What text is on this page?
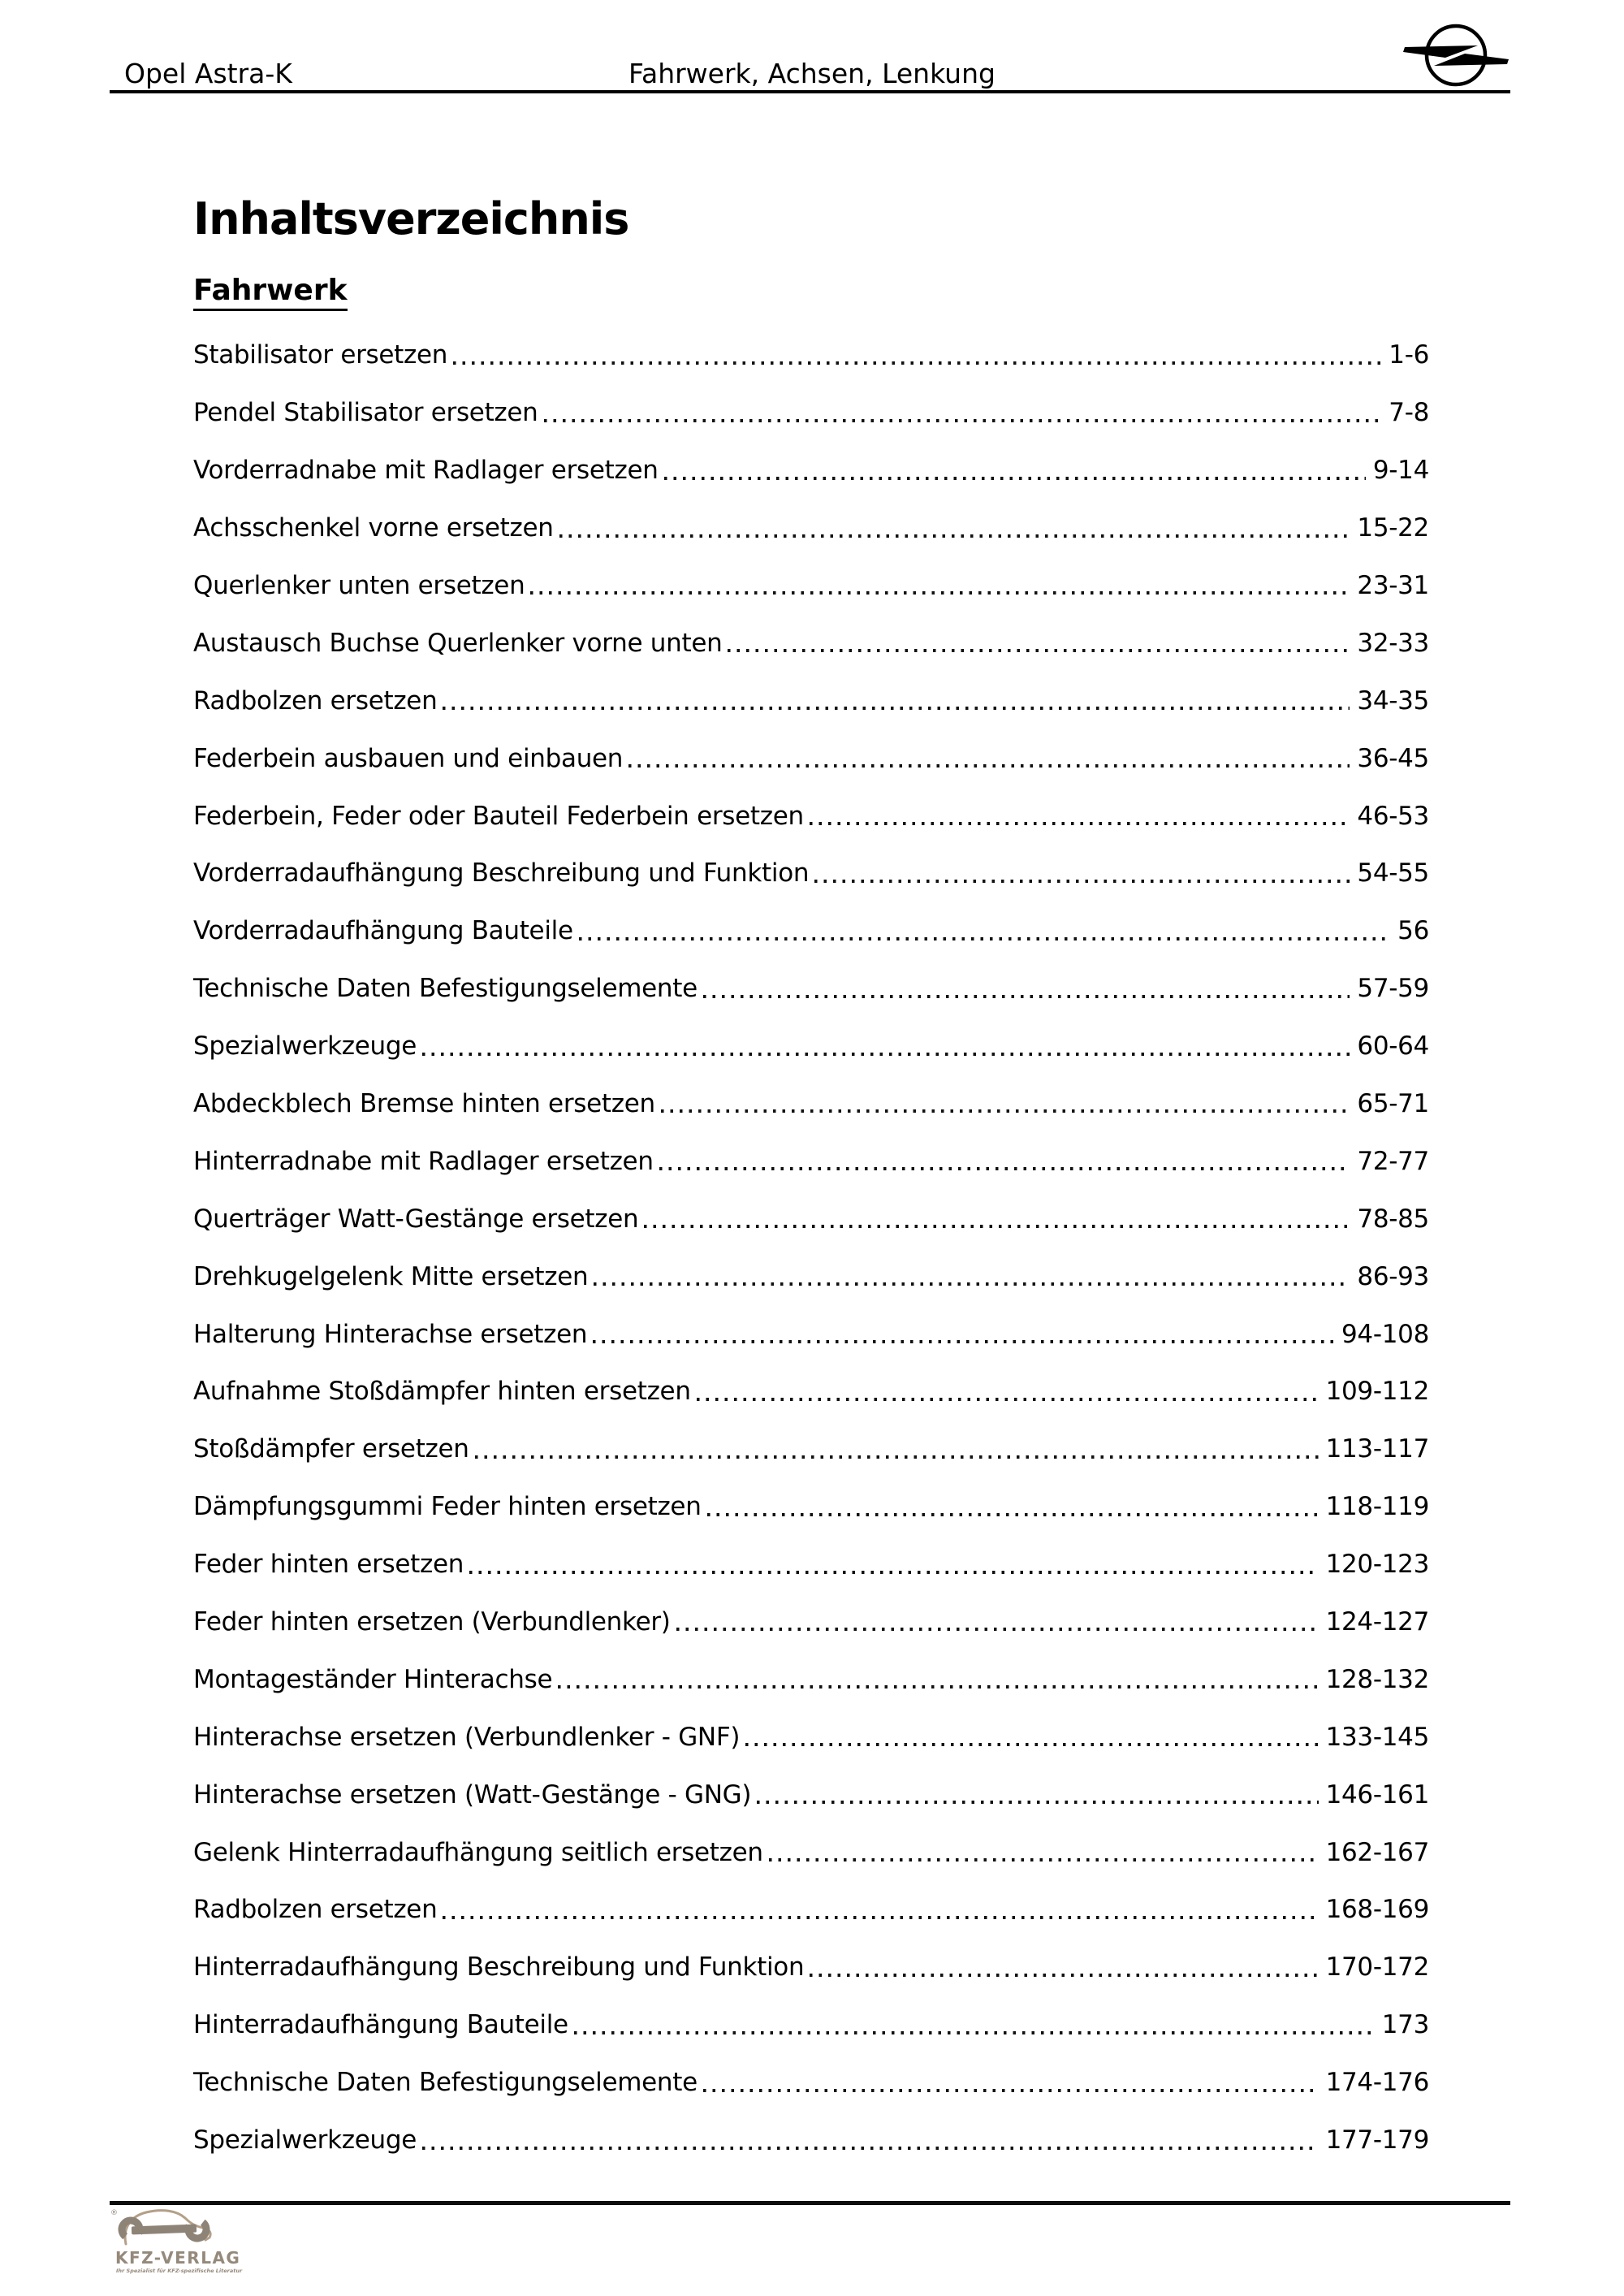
Opel Astra-K	Fahrwerk, Achsen, Lenkung
Inhaltsverzeichnis
Fahrwerk
Stabilisator ersetzen	1-6
Pendel Stabilisator ersetzen	7-8
Vorderradnabe mit Radlager ersetzen	9-14
Achsschenkel vorne ersetzen	15-22
Querlenker unten ersetzen	23-31
Austausch Buchse Querlenker vorne unten	32-33
Radbolzen ersetzen	34-35
Federbein ausbauen und einbauen	36-45
Federbein, Feder oder Bauteil Federbein ersetzen	46-53
Vorderradaufhängung Beschreibung und Funktion	54-55
Vorderradaufhängung Bauteile	56
Technische Daten Befestigungselemente	57-59
Spezialwerkzeuge	60-64
Abdeckblech Bremse hinten ersetzen	65-71
Hinterradnabe mit Radlager ersetzen	72-77
Querträger Watt-Gestänge ersetzen	78-85
Drehkugelgelenk Mitte ersetzen	86-93
Halterung Hinterachse ersetzen	94-108
Aufnahme Stoßdämpfer hinten ersetzen	109-112
Stoßdämpfer ersetzen	113-117
Dämpfungsgummi Feder hinten ersetzen	118-119
Feder hinten ersetzen	120-123
Feder hinten ersetzen (Verbundlenker)	124-127
Montageständer Hinterachse	128-132
Hinterachse ersetzen (Verbundlenker - GNF)	133-145
Hinterachse ersetzen (Watt-Gestänge - GNG)	146-161
Gelenk Hinterradaufhängung seitlich ersetzen	162-167
Radbolzen ersetzen	168-169
Hinterradaufhängung Beschreibung und Funktion	170-172
Hinterradaufhängung Bauteile	173
Technische Daten Befestigungselemente	174-176
Spezialwerkzeuge	177-179
®
KFZ-VERLAG
Ihr Spezialist für KFZ-spezifische Literatur
